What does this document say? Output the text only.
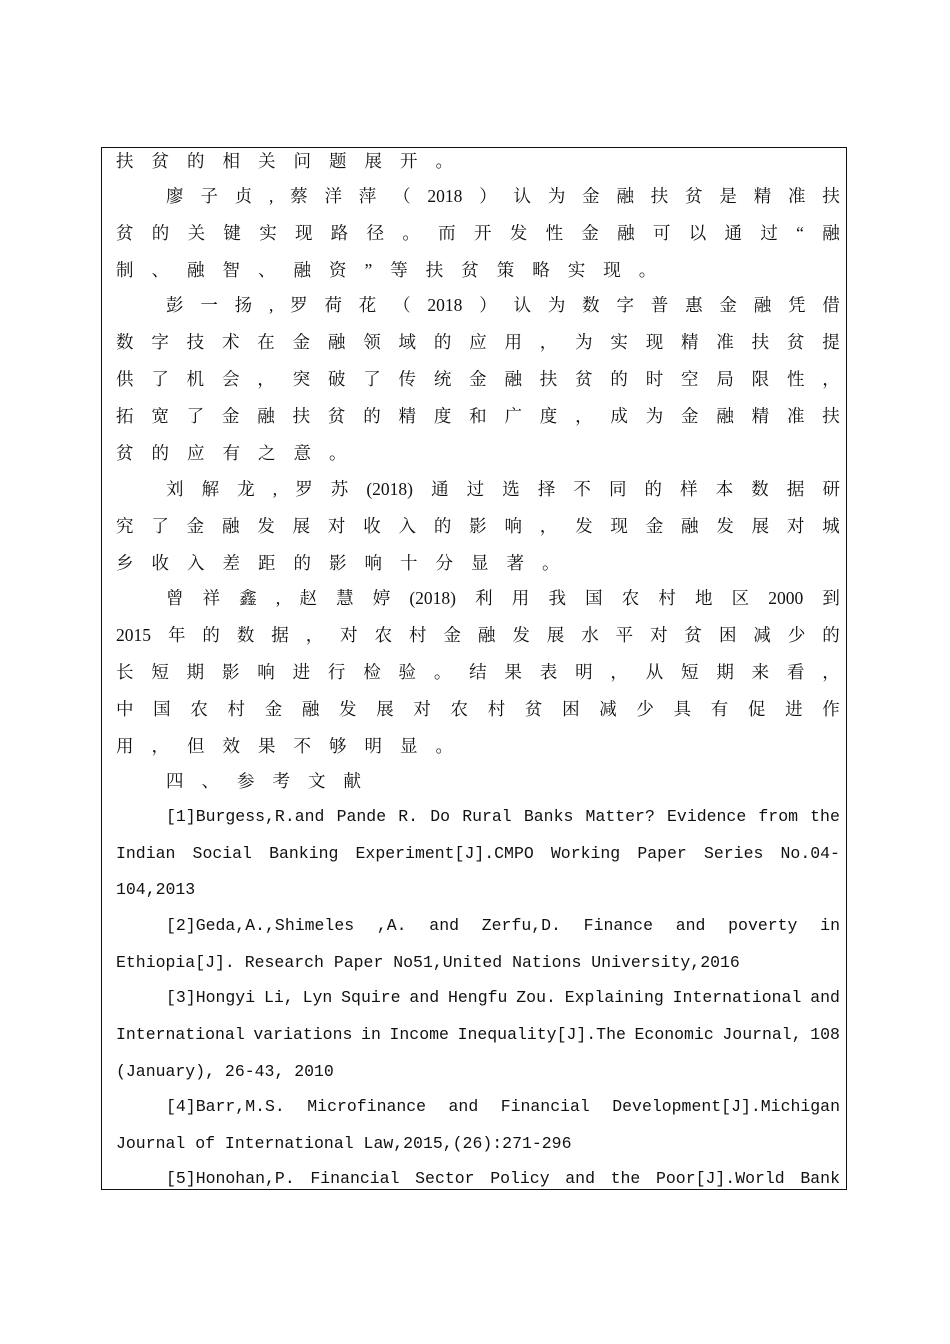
扶 贫 的 相 关 问 题 展 开 。
廖 子 贞 , 蔡 洋 萍 （ 2018 ） 认 为 金 融 扶 贫 是 精 准 扶
贫 的 关 键 实 现 路 径 。 而 开 发 性 金 融 可 以 通 过 “ 融
制 、 融 智 、 融 资 ” 等 扶 贫 策 略 实 现 。
彭 一 扬 , 罗 荷 花 （ 2018 ） 认 为 数 字 普 惠 金 融 凭 借
数 字 技 术 在 金 融 领 域 的 应 用 ， 为 实 现 精 准 扶 贫 提
供 了 机 会 ， 突 破 了 传 统 金 融 扶 贫 的 时 空 局 限 性 ，
拓 宽 了 金 融 扶 贫 的 精 度 和 广 度 ， 成 为 金 融 精 准 扶
贫 的 应 有 之 意 。
刘 解 龙 , 罗 苏 (2018) 通 过 选 择 不 同 的 样 本 数 据 研
究 了 金 融 发 展 对 收 入 的 影 响 ， 发 现 金 融 发 展 对 城
乡 收 入 差 距 的 影 响 十 分 显 著 。
曾 祥 鑫 , 赵 慧 婷 (2018) 利 用 我 国 农 村 地 区 2000 到
2015 年 的 数 据 ， 对 农 村 金 融 发 展 水 平 对 贫 困 减 少 的
长 短 期 影 响 进 行 检 验 。 结 果 表 明 ， 从 短 期 来 看 ，
中 国 农 村 金 融 发 展 对 农 村 贫 困 减 少 具 有 促 进 作
用 ， 但 效 果 不 够 明 显 。
四 、 参 考 文 献
[1]Burgess,R.and Pande R. Do Rural Banks Matter? Evidence from the
Indian Social Banking Experiment[J].CMPO Working Paper Series No.04-
104,2013
[2]Geda,A.,Shimeles ,A. and Zerfu,D. Finance and poverty in
Ethiopia[J]. Research Paper No51,United Nations University,2016
[3]Hongyi Li, Lyn Squire and Hengfu Zou. Explaining International and
International variations in Income Inequality[J].The Economic Journal, 108
(January), 26-43, 2010
[4]Barr,M.S. Microfinance and Financial Development[J].Michigan
Journal of International Law,2015,(26):271-296
[5]Honohan,P. Financial Sector Policy and the Poor[J].World Bank
